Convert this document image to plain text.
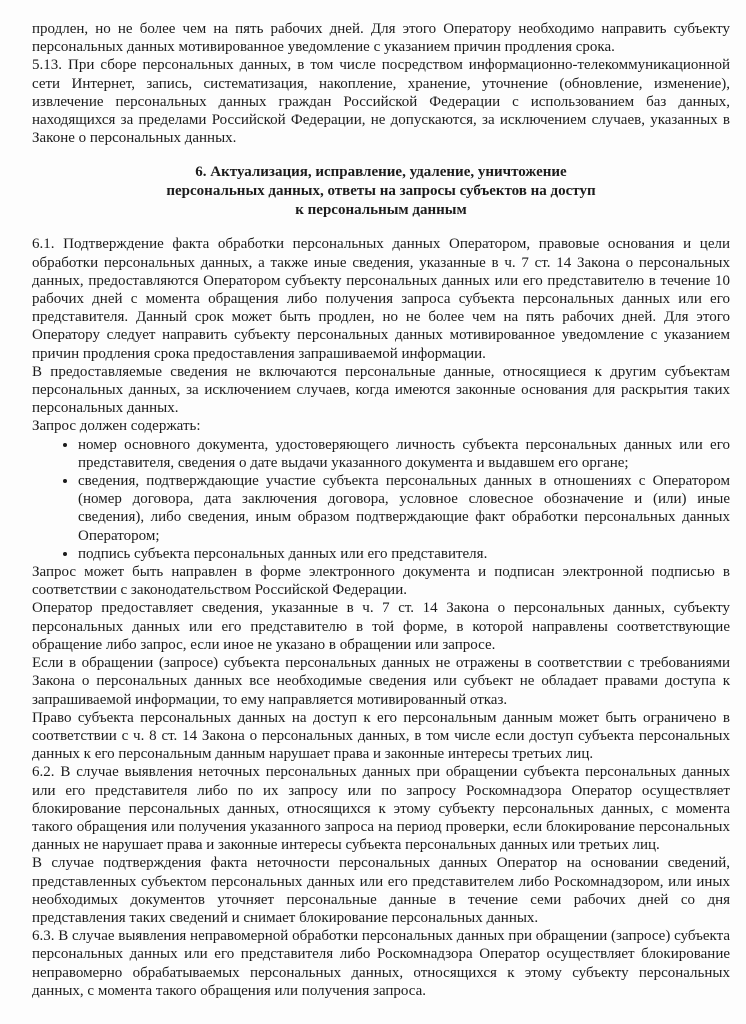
продлен, но не более чем на пять рабочих дней. Для этого Оператору необходимо направить субъекту персональных данных мотивированное уведомление с указанием причин продления срока.

5.13. При сборе персональных данных, в том числе посредством информационно-телекоммуникационной сети Интернет, запись, систематизация, накопление, хранение, уточнение (обновление, изменение), извлечение персональных данных граждан Российской Федерации с использованием баз данных, находящихся за пределами Российской Федерации, не допускаются, за исключением случаев, указанных в Законе о персональных данных.

6. Актуализация, исправление, удаление, уничтожение
персональных данных, ответы на запросы субъектов на доступ
к персональным данным

6.1. Подтверждение факта обработки персональных данных Оператором, правовые основания и цели обработки персональных данных, а также иные сведения, указанные в ч. 7 ст. 14 Закона о персональных данных, предоставляются Оператором субъекту персональных данных или его представителю в течение 10 рабочих дней с момента обращения либо получения запроса субъекта персональных данных или его представителя. Данный срок может быть продлен, но не более чем на пять рабочих дней. Для этого Оператору следует направить субъекту персональных данных мотивированное уведомление с указанием причин продления срока предоставления запрашиваемой информации.

В предоставляемые сведения не включаются персональные данные, относящиеся к другим субъектам персональных данных, за исключением случаев, когда имеются законные основания для раскрытия таких персональных данных.

Запрос должен содержать:

• номер основного документа, удостоверяющего личность субъекта персональных данных или его представителя, сведения о дате выдачи указанного документа и выдавшем его органе;
• сведения, подтверждающие участие субъекта персональных данных в отношениях с Оператором (номер договора, дата заключения договора, условное словесное обозначение и (или) иные сведения), либо сведения, иным образом подтверждающие факт обработки персональных данных Оператором;
• подпись субъекта персональных данных или его представителя.

Запрос может быть направлен в форме электронного документа и подписан электронной подписью в соответствии с законодательством Российской Федерации.

Оператор предоставляет сведения, указанные в ч. 7 ст. 14 Закона о персональных данных, субъекту персональных данных или его представителю в той форме, в которой направлены соответствующие обращение либо запрос, если иное не указано в обращении или запросе.

Если в обращении (запросе) субъекта персональных данных не отражены в соответствии с требованиями Закона о персональных данных все необходимые сведения или субъект не обладает правами доступа к запрашиваемой информации, то ему направляется мотивированный отказ.

Право субъекта персональных данных на доступ к его персональным данным может быть ограничено в соответствии с ч. 8 ст. 14 Закона о персональных данных, в том числе если доступ субъекта персональных данных к его персональным данным нарушает права и законные интересы третьих лиц.

6.2. В случае выявления неточных персональных данных при обращении субъекта персональных данных или его представителя либо по их запросу или по запросу Роскомнадзора Оператор осуществляет блокирование персональных данных, относящихся к этому субъекту персональных данных, с момента такого обращения или получения указанного запроса на период проверки, если блокирование персональных данных не нарушает права и законные интересы субъекта персональных данных или третьих лиц.

В случае подтверждения факта неточности персональных данных Оператор на основании сведений, представленных субъектом персональных данных или его представителем либо Роскомнадзором, или иных необходимых документов уточняет персональные данные в течение семи рабочих дней со дня представления таких сведений и снимает блокирование персональных данных.

6.3. В случае выявления неправомерной обработки персональных данных при обращении (запросе) субъекта персональных данных или его представителя либо Роскомнадзора Оператор осуществляет блокирование неправомерно обрабатываемых персональных данных, относящихся к этому субъекту персональных данных, с момента такого обращения или получения запроса.
